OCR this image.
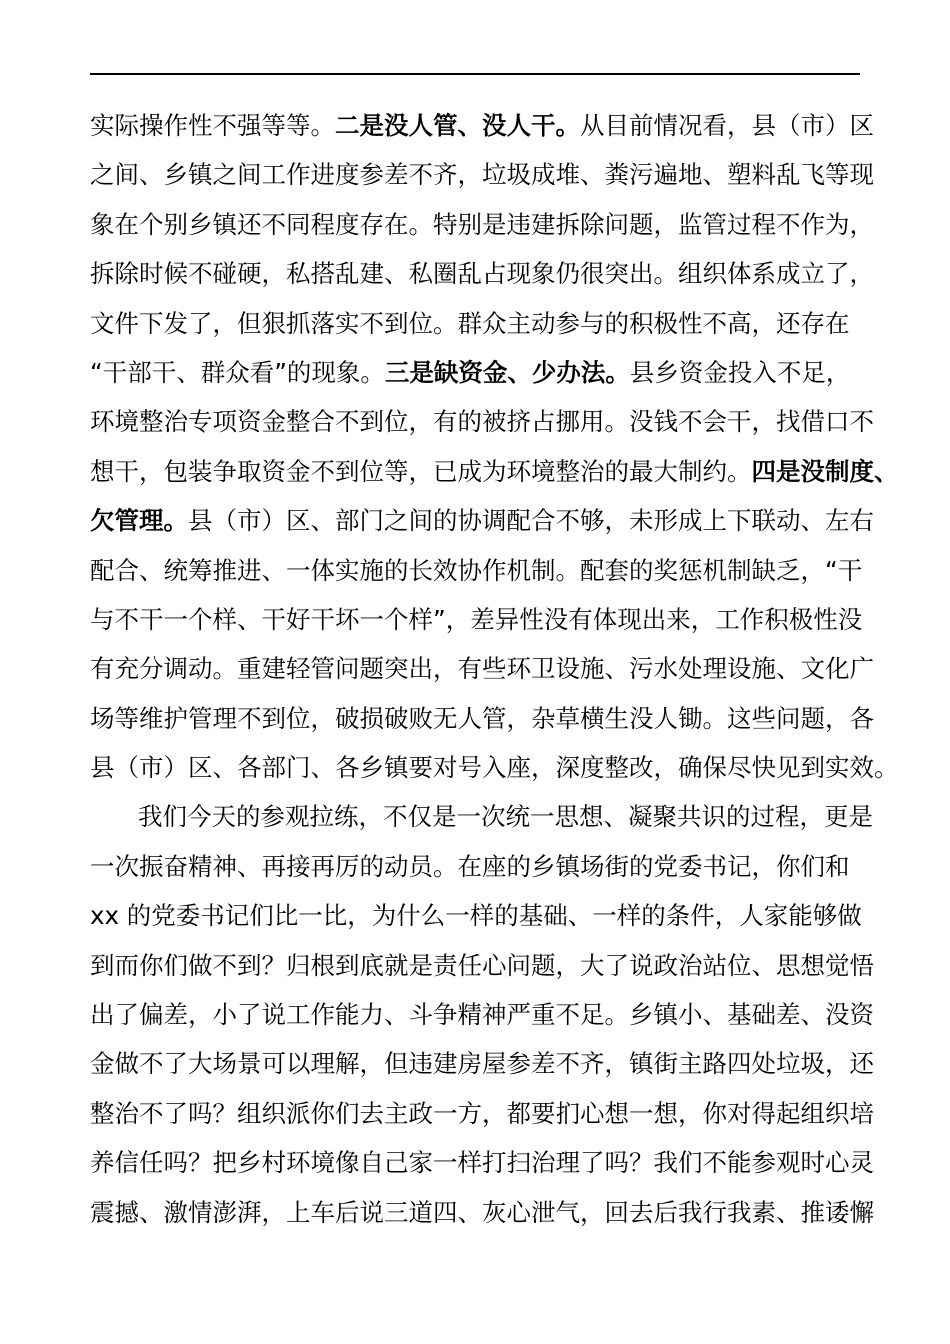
实际操作性不强等等。二是没人管、没人干。从目前情况看，县（市）区
之间、乡镇之间工作进度参差不齐，垃圾成堆、粪污遍地、塑料乱飞等现
象在个别乡镇还不同程度存在。特别是违建拆除问题，监管过程不作为，
拆除时候不碰硬，私搭乱建、私圈乱占现象仍很突出。组织体系成立了，
文件下发了，但狠抓落实不到位。群众主动参与的积极性不高，还存在
“干部干、群众看”的现象。三是缺资金、少办法。县乡资金投入不足，
环境整治专项资金整合不到位，有的被挤占挪用。没钱不会干，找借口不
想干，包装争取资金不到位等，已成为环境整治的最大制约。四是没制度、
欠管理。县（市）区、部门之间的协调配合不够，未形成上下联动、左右
配合、统筹推进、一体实施的长效协作机制。配套的奖惩机制缺乏，“干
与不干一个样、干好干坏一个样”，差异性没有体现出来，工作积极性没
有充分调动。重建轻管问题突出，有些环卫设施、污水处理设施、文化广
场等维护管理不到位，破损破败无人管，杂草横生没人锄。这些问题，各
县（市）区、各部门、各乡镇要对号入座，深度整改，确保尽快见到实效。
我们今天的参观拉练，不仅是一次统一思想、凝聚共识的过程，更是
一次振奋精神、再接再厉的动员。在座的乡镇场街的党委书记，你们和
xx 的党委书记们比一比，为什么一样的基础、一样的条件，人家能够做
到而你们做不到？归根到底就是责任心问题，大了说政治站位、思想觉悟
出了偏差，小了说工作能力、斗争精神严重不足。乡镇小、基础差、没资
金做不了大场景可以理解，但违建房屋参差不齐，镇街主路四处垃圾，还
整治不了吗？组织派你们去主政一方，都要扪心想一想，你对得起组织培
养信任吗？把乡村环境像自己家一样打扫治理了吗？我们不能参观时心灵
震撼、激情澎湃，上车后说三道四、灰心泄气，回去后我行我素、推诿懈
